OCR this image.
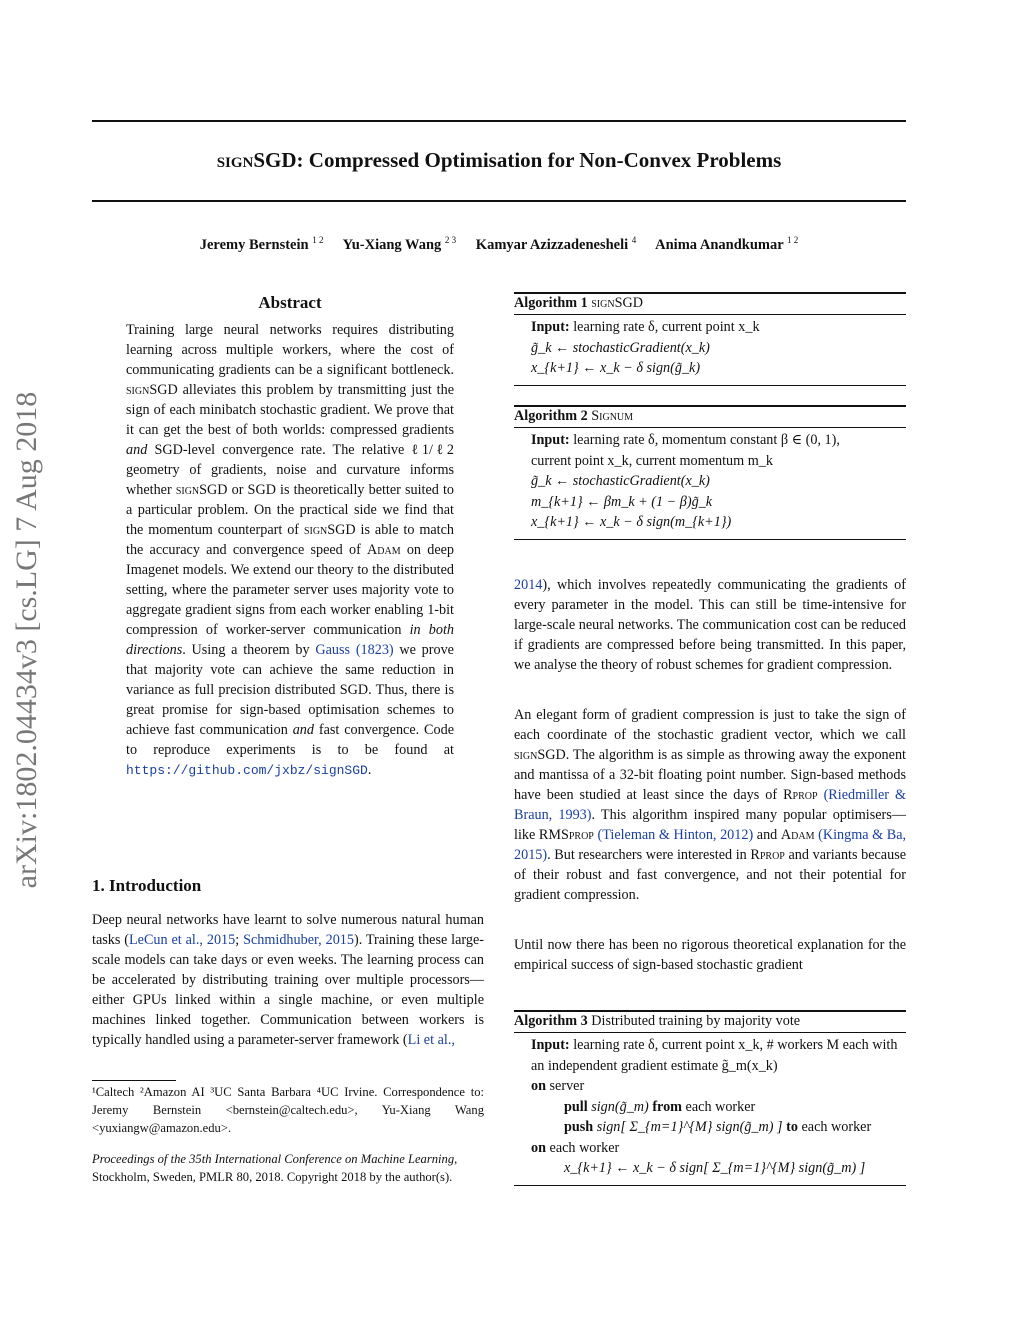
signSGD: Compressed Optimisation for Non-Convex Problems
Jeremy Bernstein $^{1 2}$ Yu-Xiang Wang $^{2 3}$ Kamyar Azizzadenesheli $^4$ Anima Anandkumar $^{1 2}$
arXiv:1802.04434v3 [cs.LG] 7 Aug 2018
Abstract
Training large neural networks requires distributing learning across multiple workers, where the cost of communicating gradients can be a significant bottleneck. signSGD alleviates this problem by transmitting just the sign of each minibatch stochastic gradient. We prove that it can get the best of both worlds: compressed gradients and SGD-level convergence rate. The relative ℓ1/ℓ2 geometry of gradients, noise and curvature informs whether signSGD or SGD is theoretically better suited to a particular problem. On the practical side we find that the momentum counterpart of signSGD is able to match the accuracy and convergence speed of Adam on deep Imagenet models. We extend our theory to the distributed setting, where the parameter server uses majority vote to aggregate gradient signs from each worker enabling 1-bit compression of worker-server communication in both directions. Using a theorem by Gauss (1823) we prove that majority vote can achieve the same reduction in variance as full precision distributed SGD. Thus, there is great promise for sign-based optimisation schemes to achieve fast communication and fast convergence. Code to reproduce experiments is to be found at https://github.com/jxbz/signSGD.
1. Introduction
Deep neural networks have learnt to solve numerous natural human tasks (LeCun et al., 2015; Schmidhuber, 2015). Training these large-scale models can take days or even weeks. The learning process can be accelerated by distributing training over multiple processors—either GPUs linked within a single machine, or even multiple machines linked together. Communication between workers is typically handled using a parameter-server framework (Li et al.,
¹Caltech ²Amazon AI ³UC Santa Barbara ⁴UC Irvine. Correspondence to: Jeremy Bernstein <bernstein@caltech.edu>, Yu-Xiang Wang <yuxiangw@amazon.edu>.
Proceedings of the 35th International Conference on Machine Learning, Stockholm, Sweden, PMLR 80, 2018. Copyright 2018 by the author(s).
Algorithm 1 signSGD
Input: learning rate δ, current point x_k
g̃_k ← stochasticGradient(x_k)
x_{k+1} ← x_k − δ sign(g̃_k)
Algorithm 2 Signum
Input: learning rate δ, momentum constant β ∈ (0, 1),
current point x_k, current momentum m_k
g̃_k ← stochasticGradient(x_k)
m_{k+1} ← βm_k + (1 − β)g̃_k
x_{k+1} ← x_k − δ sign(m_{k+1})
2014), which involves repeatedly communicating the gradients of every parameter in the model. This can still be time-intensive for large-scale neural networks. The communication cost can be reduced if gradients are compressed before being transmitted. In this paper, we analyse the theory of robust schemes for gradient compression.
An elegant form of gradient compression is just to take the sign of each coordinate of the stochastic gradient vector, which we call signSGD. The algorithm is as simple as throwing away the exponent and mantissa of a 32-bit floating point number. Sign-based methods have been studied at least since the days of Rprop (Riedmiller & Braun, 1993). This algorithm inspired many popular optimisers—like RMSprop (Tieleman & Hinton, 2012) and Adam (Kingma & Ba, 2015). But researchers were interested in Rprop and variants because of their robust and fast convergence, and not their potential for gradient compression.
Until now there has been no rigorous theoretical explanation for the empirical success of sign-based stochastic gradient
Algorithm 3 Distributed training by majority vote
Input: learning rate δ, current point x_k, # workers M each with an independent gradient estimate g̃_m(x_k)
on server
pull sign(g̃_m) from each worker
push sign[ Σ_{m=1}^{M} sign(g̃_m) ] to each worker
on each worker
x_{k+1} ← x_k − δ sign[ Σ_{m=1}^{M} sign(g̃_m) ]
